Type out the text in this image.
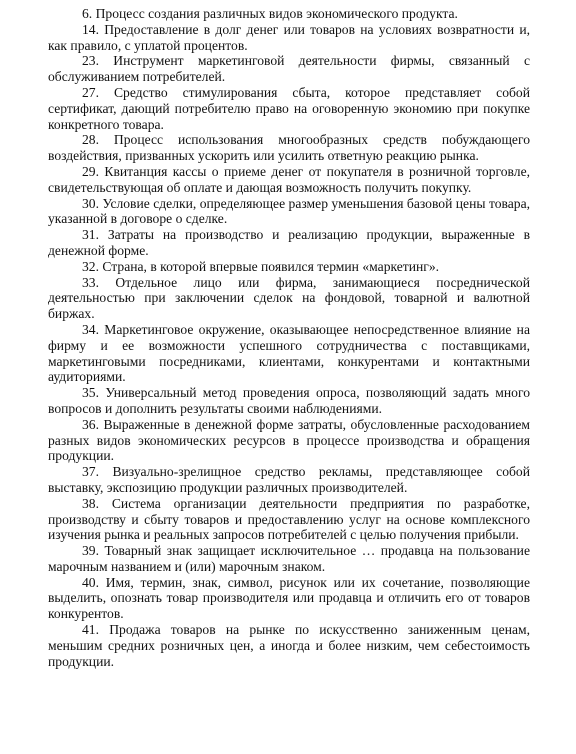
6. Процесс создания различных видов экономического продукта.

14. Предоставление в долг денег или товаров на условиях возвратности и, как правило, с уплатой процентов.

23. Инструмент маркетинговой деятельности фирмы, связанный с обслуживанием потребителей.

27. Средство стимулирования сбыта, которое представляет собой сертификат, дающий потребителю право на оговоренную экономию при покупке конкретного товара.

28. Процесс использования многообразных средств побуждающего воздействия, призванных ускорить или усилить ответную реакцию рынка.

29. Квитанция кассы о приеме денег от покупателя в розничной торговле, свидетельствующая об оплате и дающая возможность получить покупку.

30. Условие сделки, определяющее размер уменьшения базовой цены товара, указанной в договоре о сделке.

31. Затраты на производство и реализацию продукции, выраженные в денежной форме.

32. Страна, в которой впервые появился термин «маркетинг».

33. Отдельное лицо или фирма, занимающиеся посреднической деятельностью при заключении сделок на фондовой, товарной и валютной биржах.

34. Маркетинговое окружение, оказывающее непосредственное влияние на фирму и ее возможности успешного сотрудничества с поставщиками, маркетинговыми посредниками, клиентами, конкурентами и контактными аудиториями.

35. Универсальный метод проведения опроса, позволяющий задать много вопросов и дополнить результаты своими наблюдениями.

36. Выраженные в денежной форме затраты, обусловленные расходованием разных видов экономических ресурсов в процессе производства и обращения продукции.

37. Визуально-зрелищное средство рекламы, представляющее собой выставку, экспозицию продукции различных производителей.

38. Система организации деятельности предприятия по разработке, производству и сбыту товаров и предоставлению услуг на основе комплексного изучения рынка и реальных запросов потребителей с целью получения прибыли.

39. Товарный знак защищает исключительное … продавца на пользование марочным названием и (или) марочным знаком.

40. Имя, термин, знак, символ, рисунок или их сочетание, позволяющие выделить, опознать товар производителя или продавца и отличить его от товаров конкурентов.

41. Продажа товаров на рынке по искусственно заниженным ценам, меньшим средних розничных цен, а иногда и более низким, чем себестоимость продукции.
